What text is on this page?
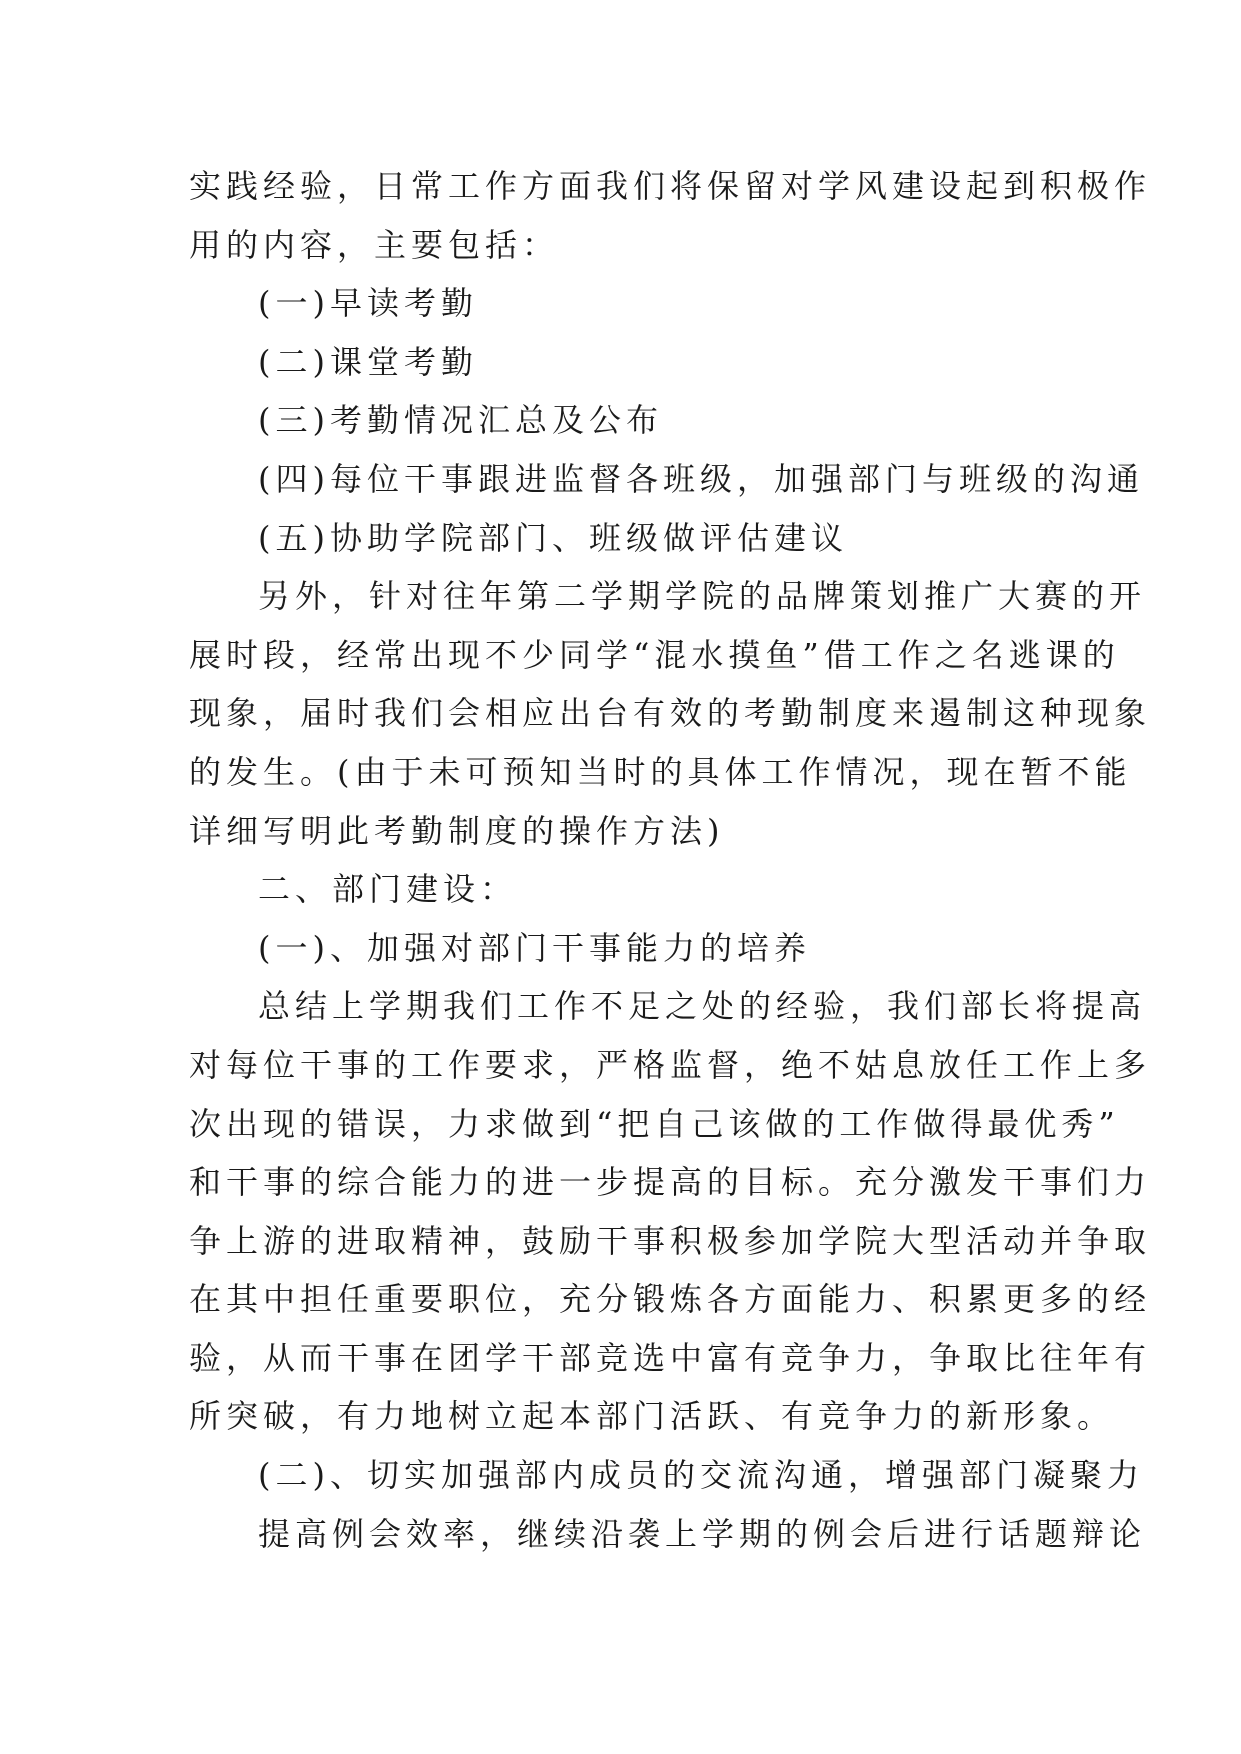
实践经验，日常工作方面我们将保留对学风建设起到积极作
用的内容，主要包括：
(一)早读考勤
(二)课堂考勤
(三)考勤情况汇总及公布
(四)每位干事跟进监督各班级，加强部门与班级的沟通
(五)协助学院部门、班级做评估建议
另外，针对往年第二学期学院的品牌策划推广大赛的开
展时段，经常出现不少同学“混水摸鱼”借工作之名逃课的
现象，届时我们会相应出台有效的考勤制度来遏制这种现象
的发生。(由于未可预知当时的具体工作情况，现在暂不能
详细写明此考勤制度的操作方法)
二、部门建设：
(一)、加强对部门干事能力的培养
总结上学期我们工作不足之处的经验，我们部长将提高
对每位干事的工作要求，严格监督，绝不姑息放任工作上多
次出现的错误，力求做到“把自己该做的工作做得最优秀”
和干事的综合能力的进一步提高的目标。充分激发干事们力
争上游的进取精神，鼓励干事积极参加学院大型活动并争取
在其中担任重要职位，充分锻炼各方面能力、积累更多的经
验，从而干事在团学干部竞选中富有竞争力，争取比往年有
所突破，有力地树立起本部门活跃、有竞争力的新形象。
(二)、切实加强部内成员的交流沟通，增强部门凝聚力
提高例会效率，继续沿袭上学期的例会后进行话题辩论
